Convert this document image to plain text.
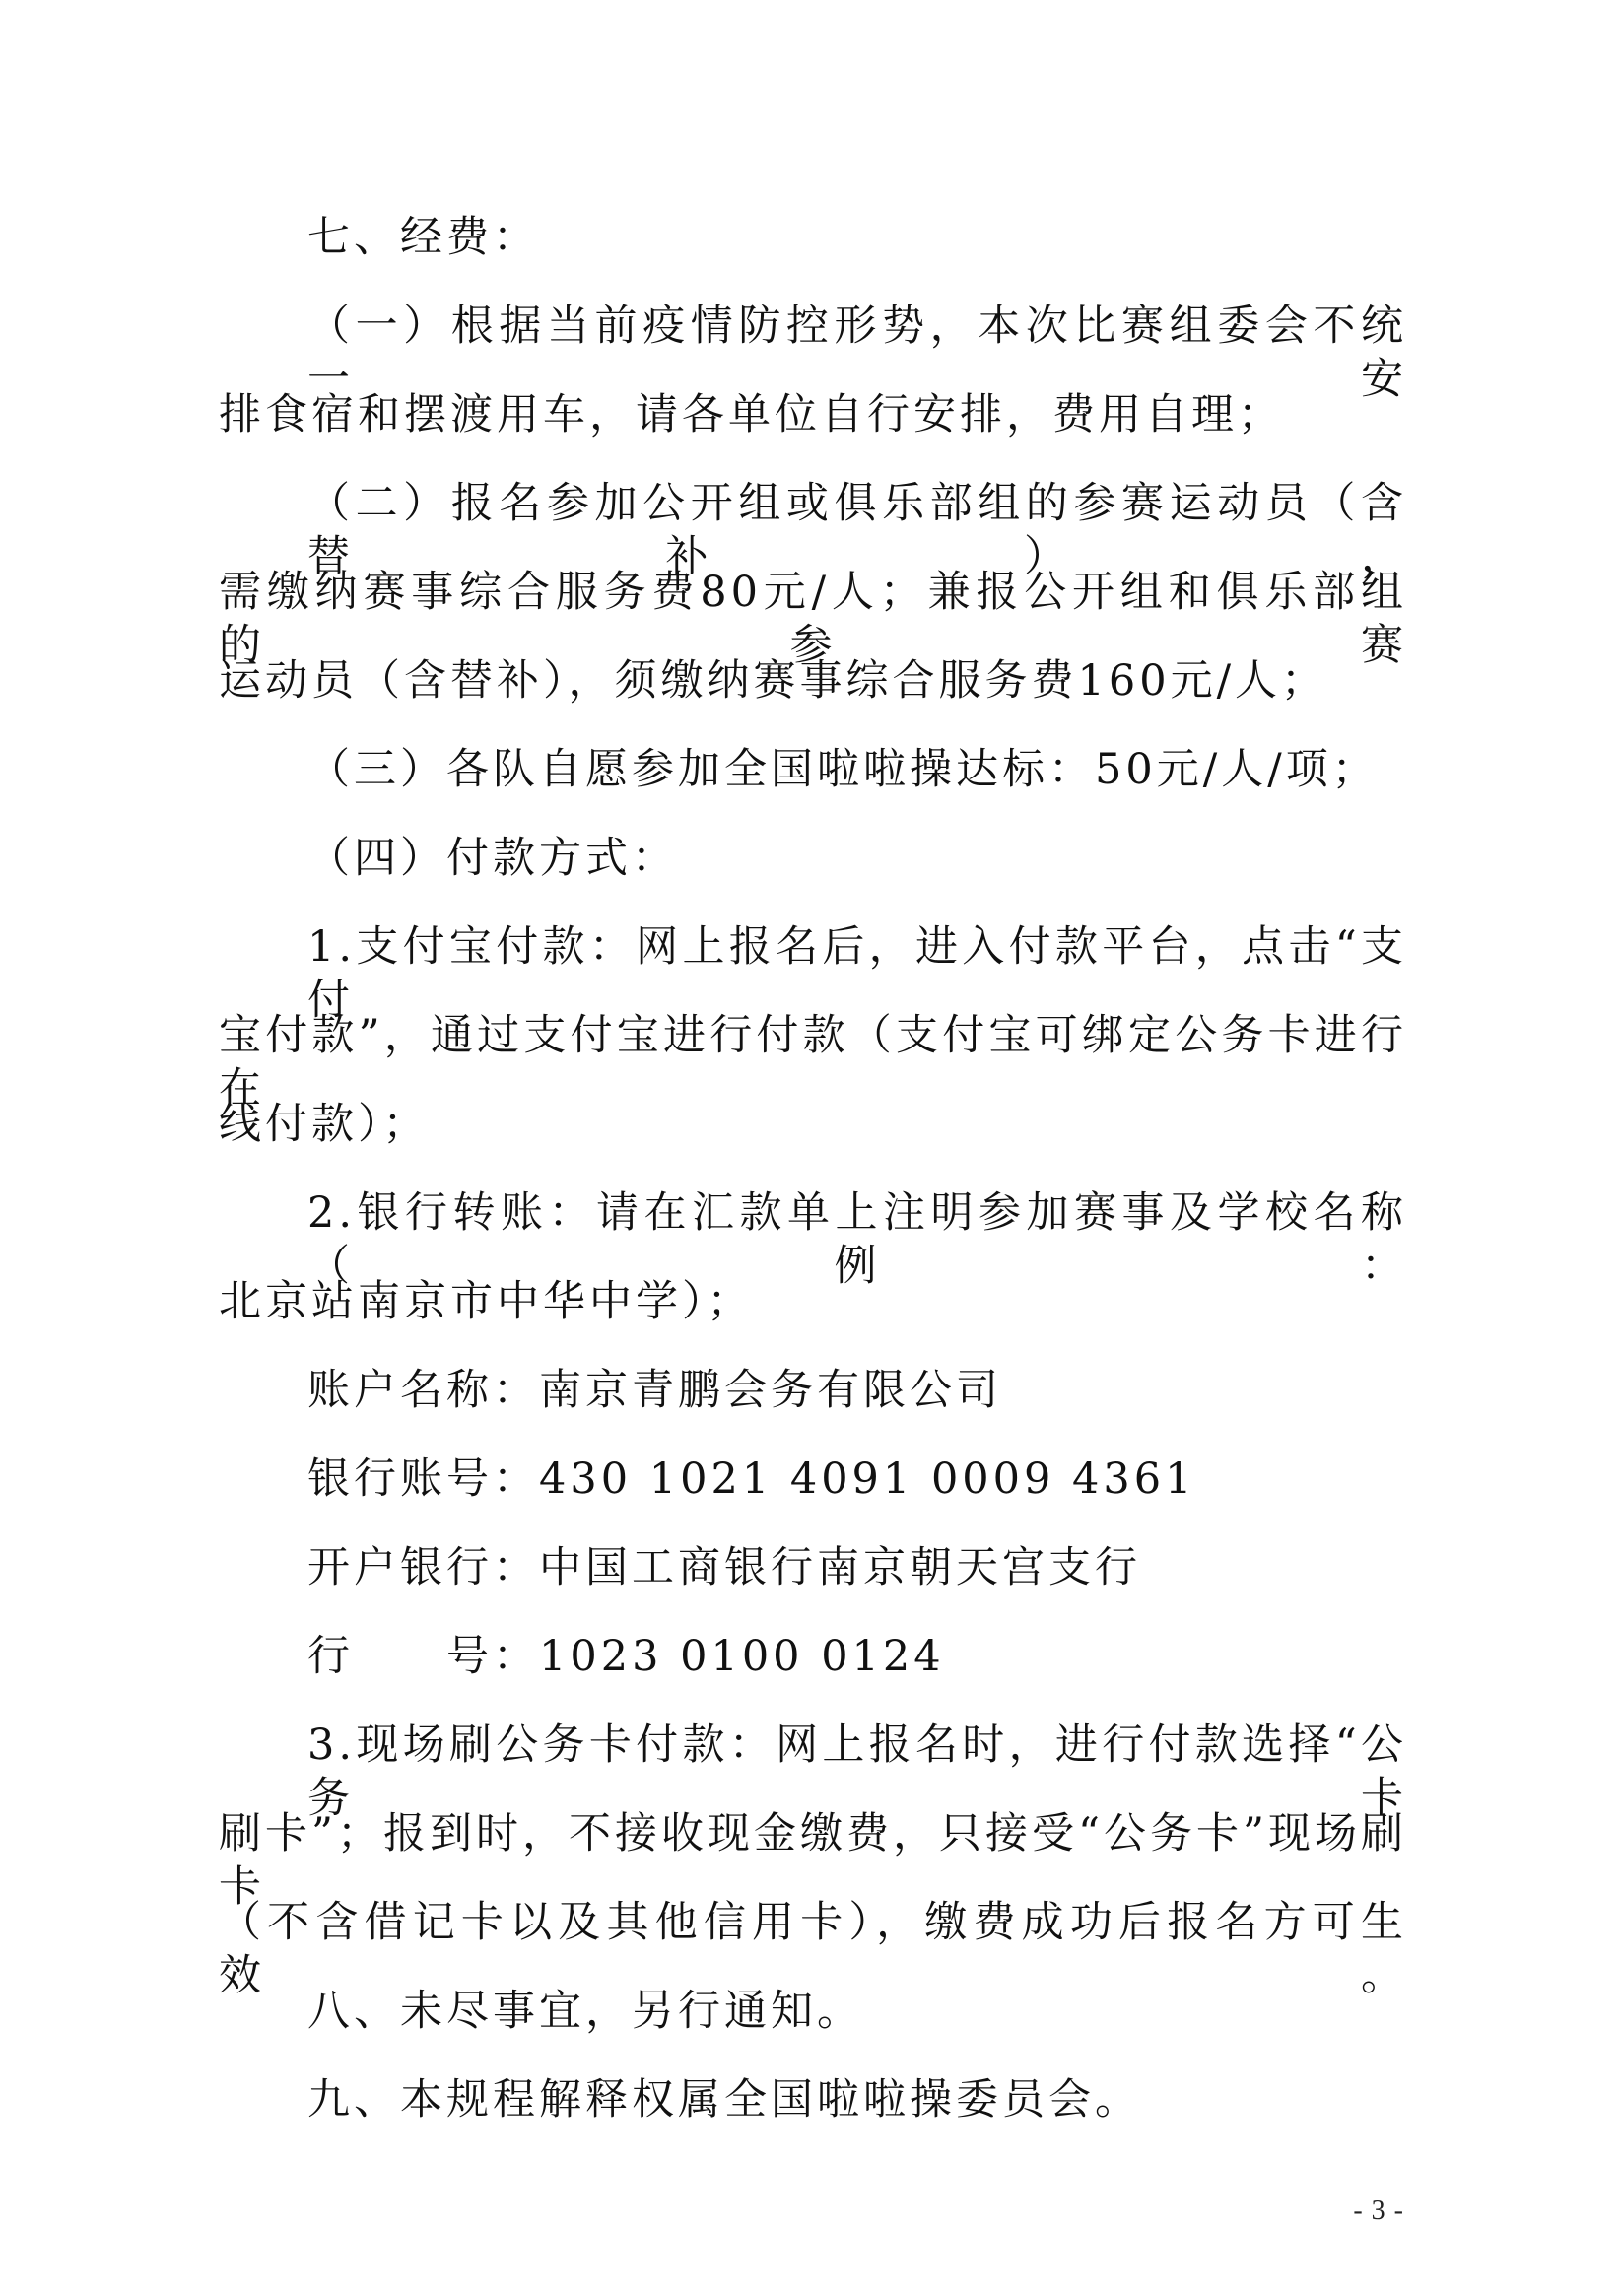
七、经费：
（一）根据当前疫情防控形势，本次比赛组委会不统一安
排食宿和摆渡用车，请各单位自行安排，费用自理；
（二）报名参加公开组或俱乐部组的参赛运动员（含替补），
需缴纳赛事综合服务费80元/人；兼报公开组和俱乐部组的参赛
运动员（含替补），须缴纳赛事综合服务费160元/人；
（三）各队自愿参加全国啦啦操达标：50元/人/项；
（四）付款方式：
1.支付宝付款：网上报名后，进入付款平台，点击“支付
宝付款”，通过支付宝进行付款（支付宝可绑定公务卡进行在
线付款）；
2.银行转账：请在汇款单上注明参加赛事及学校名称（例：
北京站南京市中华中学）；
账户名称：南京青鹏会务有限公司
银行账号：430 1021 4091 0009 4361
开户银行：中国工商银行南京朝天宫支行
行　　号：1023 0100 0124
3.现场刷公务卡付款：网上报名时，进行付款选择“公务卡
刷卡”；报到时，不接收现金缴费，只接受“公务卡”现场刷卡
（不含借记卡以及其他信用卡），缴费成功后报名方可生效。
八、未尽事宜，另行通知。
九、本规程解释权属全国啦啦操委员会。
- 3 -
